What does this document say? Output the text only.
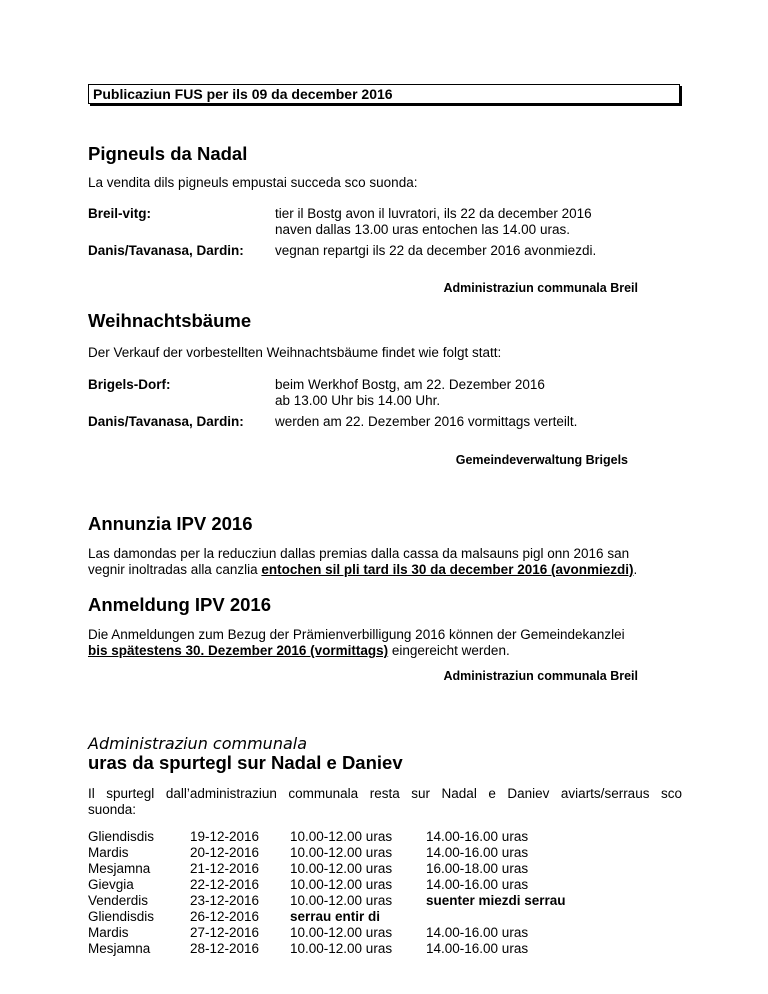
Publicaziun FUS per ils 09 da december 2016
Pigneuls da Nadal
La vendita dils pigneuls empustai succeda sco suonda:
Breil-vitg:	tier il Bostg avon il luvratori, ils 22 da december 2016
naven dallas 13.00 uras entochen las 14.00 uras.
Danis/Tavanasa, Dardin: vegnan repartgi ils 22 da december 2016 avonmiezdi.
Administraziun communala Breil
Weihnachtsbäume
Der Verkauf der vorbestellten Weihnachtsbäume findet wie folgt statt:
Brigels-Dorf:	beim Werkhof Bostg, am 22. Dezember 2016
ab 13.00 Uhr bis 14.00 Uhr.
Danis/Tavanasa, Dardin: werden am 22. Dezember 2016 vormittags verteilt.
Gemeindeverwaltung Brigels
Annunzia IPV 2016
Las damondas per la reducziun dallas premias dalla cassa da malsauns pigl onn 2016 san
vegnir inoltradas alla canzlia entochen sil pli tard ils 30 da december 2016 (avonmiezdi).
Anmeldung IPV 2016
Die Anmeldungen zum Bezug der Prämienverbilligung 2016 können der Gemeindekanzlei
bis spätestens 30. Dezember 2016 (vormittags) eingereicht werden.
Administraziun communala Breil
Administraziun communala
uras da spurtegl sur Nadal e Daniev
Il spurtegl dall’administraziun communala resta sur Nadal e Daniev aviarts/serraus sco
suonda:
Gliendisdis	19-12-2016 10.00-12.00 uras	14.00-16.00 uras
Mardis	20-12-2016 10.00-12.00 uras	14.00-16.00 uras
Mesjamna	21-12-2016 10.00-12.00 uras	16.00-18.00 uras
Gievgia	22-12-2016 10.00-12.00 uras	14.00-16.00 uras
Venderdis	23-12-2016 10.00-12.00 uras	suenter miezdi serrau
Gliendisdis	26-12-2016 serrau entir di
Mardis	27-12-2016 10.00-12.00 uras	14.00-16.00 uras
Mesjamna	28-12-2016 10.00-12.00 uras	14.00-16.00 uras
